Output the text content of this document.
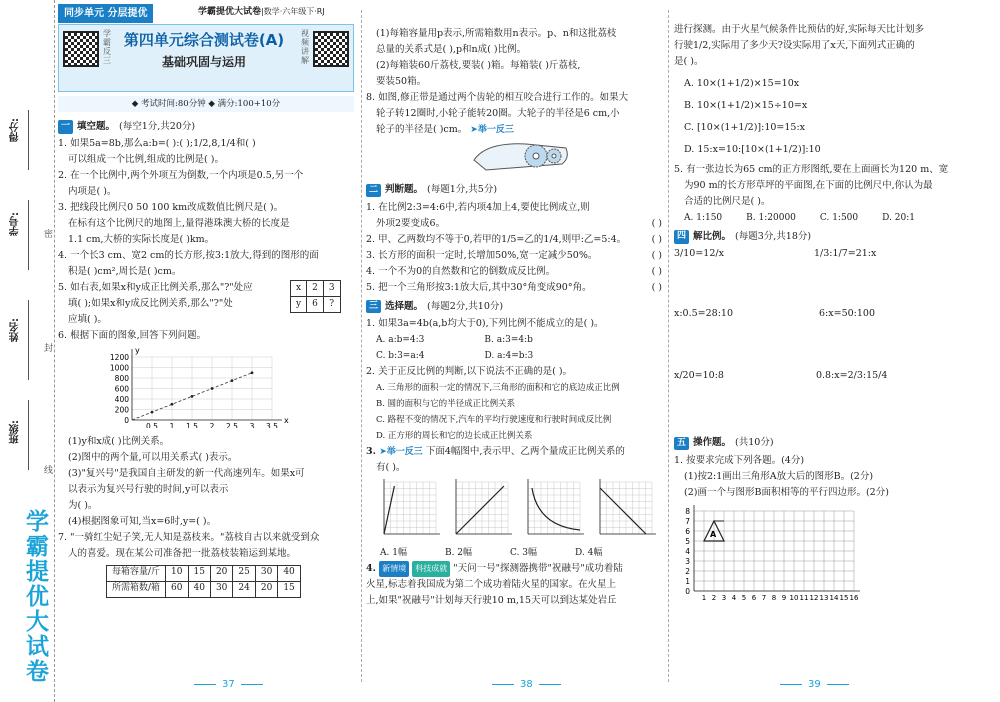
得分:
学号:
姓名:
班级:
密
封
线
学霸提优大试卷
同步单元 分层提优	学霸提优大试卷|数学·六年级下·RJ
学霸反三
第四单元综合测试卷(A)
基础巩固与运用
视频讲解
◆ 考试时间:80分钟 ◆ 满分:100+10分
一 填空题。 (每空1分,共20分)
1. 如果5a=8b,那么a:b=( ):( );1/2,8,1/4和( )
可以组成一个比例,组成的比例是( )。
2. 在一个比例中,两个外项互为倒数,一个内项是0.5,另一个
内项是( )。
3. 把线段比例尺0 50 100 km改成数值比例尺是( )。
在标有这个比例尺的地图上,量得港珠澳大桥的长度是
1.1 cm,大桥的实际长度是( )km。
4. 一个长3 cm、宽2 cm的长方形,按3:1放大,得到的图形的面
积是( )cm²,周长是( )cm。
5. 如右表,如果x和y成正比例关系,那么"?"处应
填( );如果x和y成反比例关系,那么"?"处
应填( )。
x	2	3
y	6	?
6. 根据下面的图象,回答下列问题。
1200
1000
800
600
400
200
0
0.5 1 1.5 2 2.5 3 3.5
x
y
(1)y和x成( )比例关系。
(2)图中的两个量,可以用关系式( )表示。
(3)"复兴号"是我国自主研发的新一代高速列车。如果x可
以表示为复兴号行驶的时间,y可以表示
为( )。
(4)根据图象可知,当x=6时,y=( )。
7. "一骑红尘妃子笑,无人知是荔枝来。"荔枝自古以来就受到众
人的喜爱。现在某公司准备把一批荔枝装箱运到某地。
每箱容量/斤	10	15	20	25	30	40
所需箱数/箱	60	40	30	24	20	15
37
(1)每箱容量用p表示,所需箱数用n表示。p、n和这批荔枝
总量的关系式是( ),p和n成( )比例。
(2)每箱装60斤荔枝,要装( )箱。每箱装( )斤荔枝,
要装50箱。
8. 如图,修正带是通过两个齿轮的相互咬合进行工作的。如果大
轮子转12圈时,小轮子能转20圈。大轮子的半径是6 cm,小
轮子的半径是( )cm。 ➤举一反三
二 判断题。 (每题1分,共5分)
1. 在比例2:3=4:6中,若内项4加上4,要使比例成立,则
外项2要变成6。	( )
2. 甲、乙两数均不等于0,若甲的1/5=乙的1/4,则甲:乙=5:4。	( )
3. 长方形的面积一定时,长增加50%,宽一定减少50%。	( )
4. 一个不为0的自然数和它的倒数成反比例。	( )
5. 把一个三角形按3:1放大后,其中30°角变成90°角。	( )
三 选择题。 (每题2分,共10分)
1. 如果3a=4b(a,b均大于0),下列比例不能成立的是( )。
A. a:b=4:3	B. a:3=4:b
C. b:3=a:4	D. a:4=b:3
2. 关于正反比例的判断,以下说法不正确的是( )。
A. 三角形的面积一定的情况下,三角形的面积和它的底边成正比例
B. 圆的面积与它的半径成正比例关系
C. 路程不变的情况下,汽车的平均行驶速度和行驶时间成反比例
D. 正方形的周长和它的边长成正比例关系
3. ➤举一反三 下面4幅图中,表示甲、乙两个量成正比例关系的
有( )。
A. 1幅	B. 2幅	C. 3幅	D. 4幅
4. 新情境 科技成就 "天问一号"探测器携带"祝融号"成功着陆
火星,标志着我国成为第二个成功着陆火星的国家。在火星上
上,如果"祝融号"计划每天行驶10 m,15天可以到达某处岩丘
38
进行探测。由于火星气候条件比预估的好,实际每天比计划多
行驶1/2,实际用了多少天?设实际用了x天,下面列式正确的
是( )。
A. 10×(1+1/2)×15=10x
B. 10×(1+1/2)×15÷10=x
C. [10×(1+1/2)]:10=15:x
D. 15:x=10:[10×(1+1/2)]:10
5. 有一张边长为65 cm的正方形图纸,要在上面画长为120 m、宽
为90 m的长方形草坪的平面图,在下面的比例尺中,你认为最
合适的比例尺是( )。
A. 1:150	B. 1:20000	C. 1:500	D. 20:1
四 解比例。 (每题3分,共18分)
3/10=12/x	1/3:1/7=21:x
x:0.5=28:10	6:x=50:100
x/20=10:8	0.8:x=2/3:15/4
五 操作题。 (共10分)
1. 按要求完成下列各题。(4分)
(1)按2:1画出三角形A放大后的图形B。(2分)
(2)画一个与图形B面积相等的平行四边形。(2分)
8
7
6
5
4
3
2
1
0
1 2 3 4 5 6 7 8 9 10 11 12 13 14 15 16
A
39
